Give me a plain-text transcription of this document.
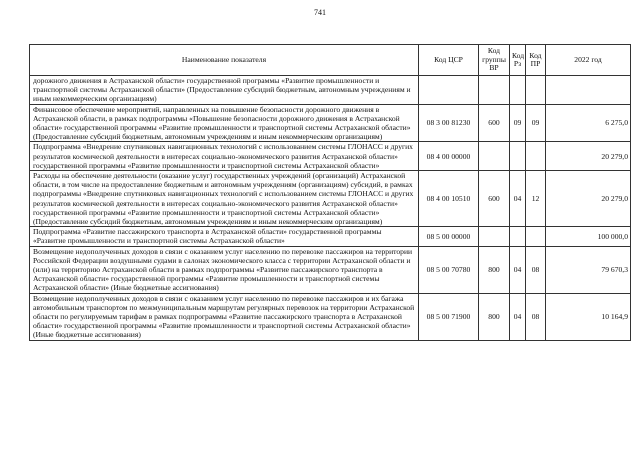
741
Наименование показателя	Код ЦСР	Код группы ВР	Код Рз	Код ПР	2022 год
дорожного движения в Астраханской области» государственной программы «Развитие промышленности и транспортной системы Астраханской области» (Предоставление субсидий бюджетным, автономным учреждениям и иным некоммерческим организациям)					
Финансовое обеспечение мероприятий, направленных на повышение безопасности дорожного движения в Астраханской области, в рамках подпрограммы «Повышение безопасности дорожного движения в Астраханской области» государственной программы «Развитие промышленности и транспортной системы Астраханской области» (Предоставление субсидий бюджетным, автономным учреждениям и иным некоммерческим организациям)	08 3 00 81230	600	09	09	6 275,0
Подпрограмма «Внедрение спутниковых навигационных технологий с использованием системы ГЛОНАСС и других результатов космической деятельности в интересах социально-экономического развития Астраханской области» государственной программы «Развитие промышленности и транспортной системы Астраханской области»	08 4 00 00000				20 279,0
Расходы на обеспечение деятельности (оказание услуг) государственных учреждений (организаций) Астраханской области, в том числе на предоставление бюджетным и автономным учреждениям (организациям) субсидий, в рамках подпрограммы «Внедрение спутниковых навигационных технологий с использованием системы ГЛОНАСС и других результатов космической деятельности в интересах социально-экономического развития Астраханской области» государственной программы «Развитие промышленности и транспортной системы Астраханской области» (Предоставление субсидий бюджетным, автономным учреждениям и иным некоммерческим организациям)	08 4 00 10510	600	04	12	20 279,0
Подпрограмма «Развитие пассажирского транспорта в Астраханской области» государственной программы «Развитие промышленности и транспортной системы Астраханской области»	08 5 00 00000				100 000,0
Возмещение недополученных доходов в связи с оказанием услуг населению по перевозке пассажиров на территории Российской Федерации воздушными судами в салонах экономического класса с территории Астраханской области и (или) на территорию Астраханской области в рамках подпрограммы «Развитие пассажирского транспорта в Астраханской области» государственной программы «Развитие промышленности и транспортной системы Астраханской области» (Иные бюджетные ассигнования)	08 5 00 70780	800	04	08	79 670,3
Возмещение недополученных доходов в связи с оказанием услуг населению по перевозке пассажиров и их багажа автомобильным транспортом по межмуниципальным маршрутам регулярных перевозок на территории Астраханской области по регулируемым тарифам в рамках подпрограммы «Развитие пассажирского транспорта в Астраханской области» государственной программы «Развитие промышленности и транспортной системы Астраханской области» (Иные бюджетные ассигнования)	08 5 00 71900	800	04	08	10 164,9
